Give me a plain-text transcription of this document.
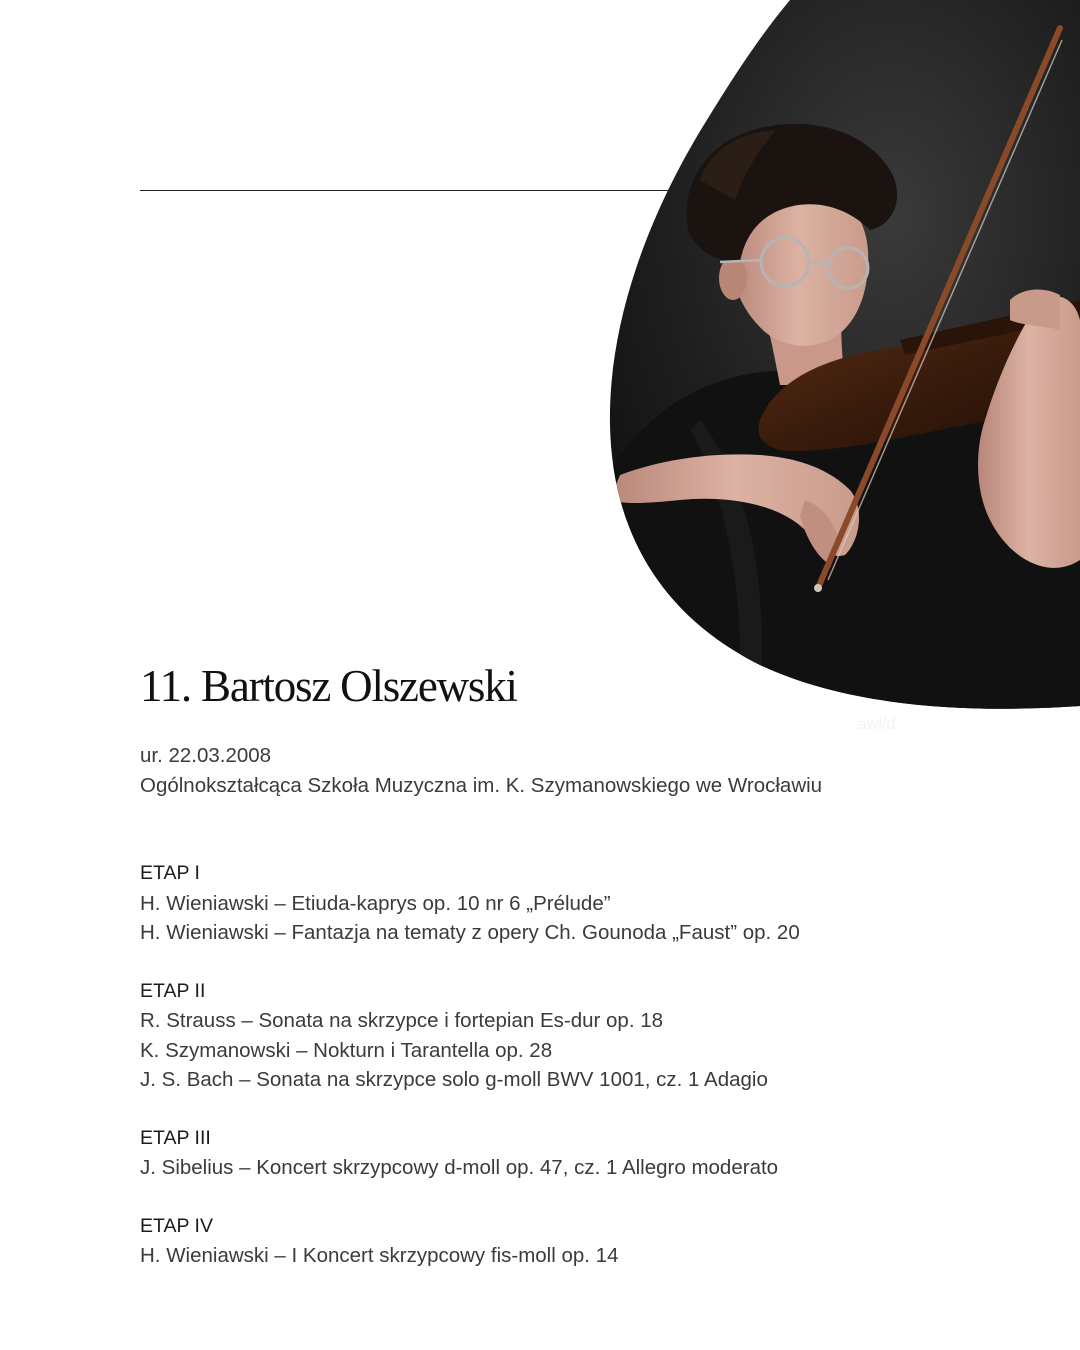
awi/d
11. Bartosz Olszewski
ur. 22.03.2008
Ogólnokształcąca Szkoła Muzyczna im. K. Szymanowskiego we Wrocławiu
ETAP I
H. Wieniawski – Etiuda-kaprys op. 10 nr 6 „Prélude”
H. Wieniawski – Fantazja na tematy z opery Ch. Gounoda „Faust” op. 20
ETAP II
R. Strauss – Sonata na skrzypce i fortepian Es-dur op. 18
K. Szymanowski – Nokturn i Tarantella op. 28
J. S. Bach – Sonata na skrzypce solo g-moll BWV 1001, cz. 1 Adagio
ETAP III
J. Sibelius – Koncert skrzypcowy d-moll op. 47, cz. 1 Allegro moderato
ETAP IV
H. Wieniawski – I Koncert skrzypcowy fis-moll op. 14
